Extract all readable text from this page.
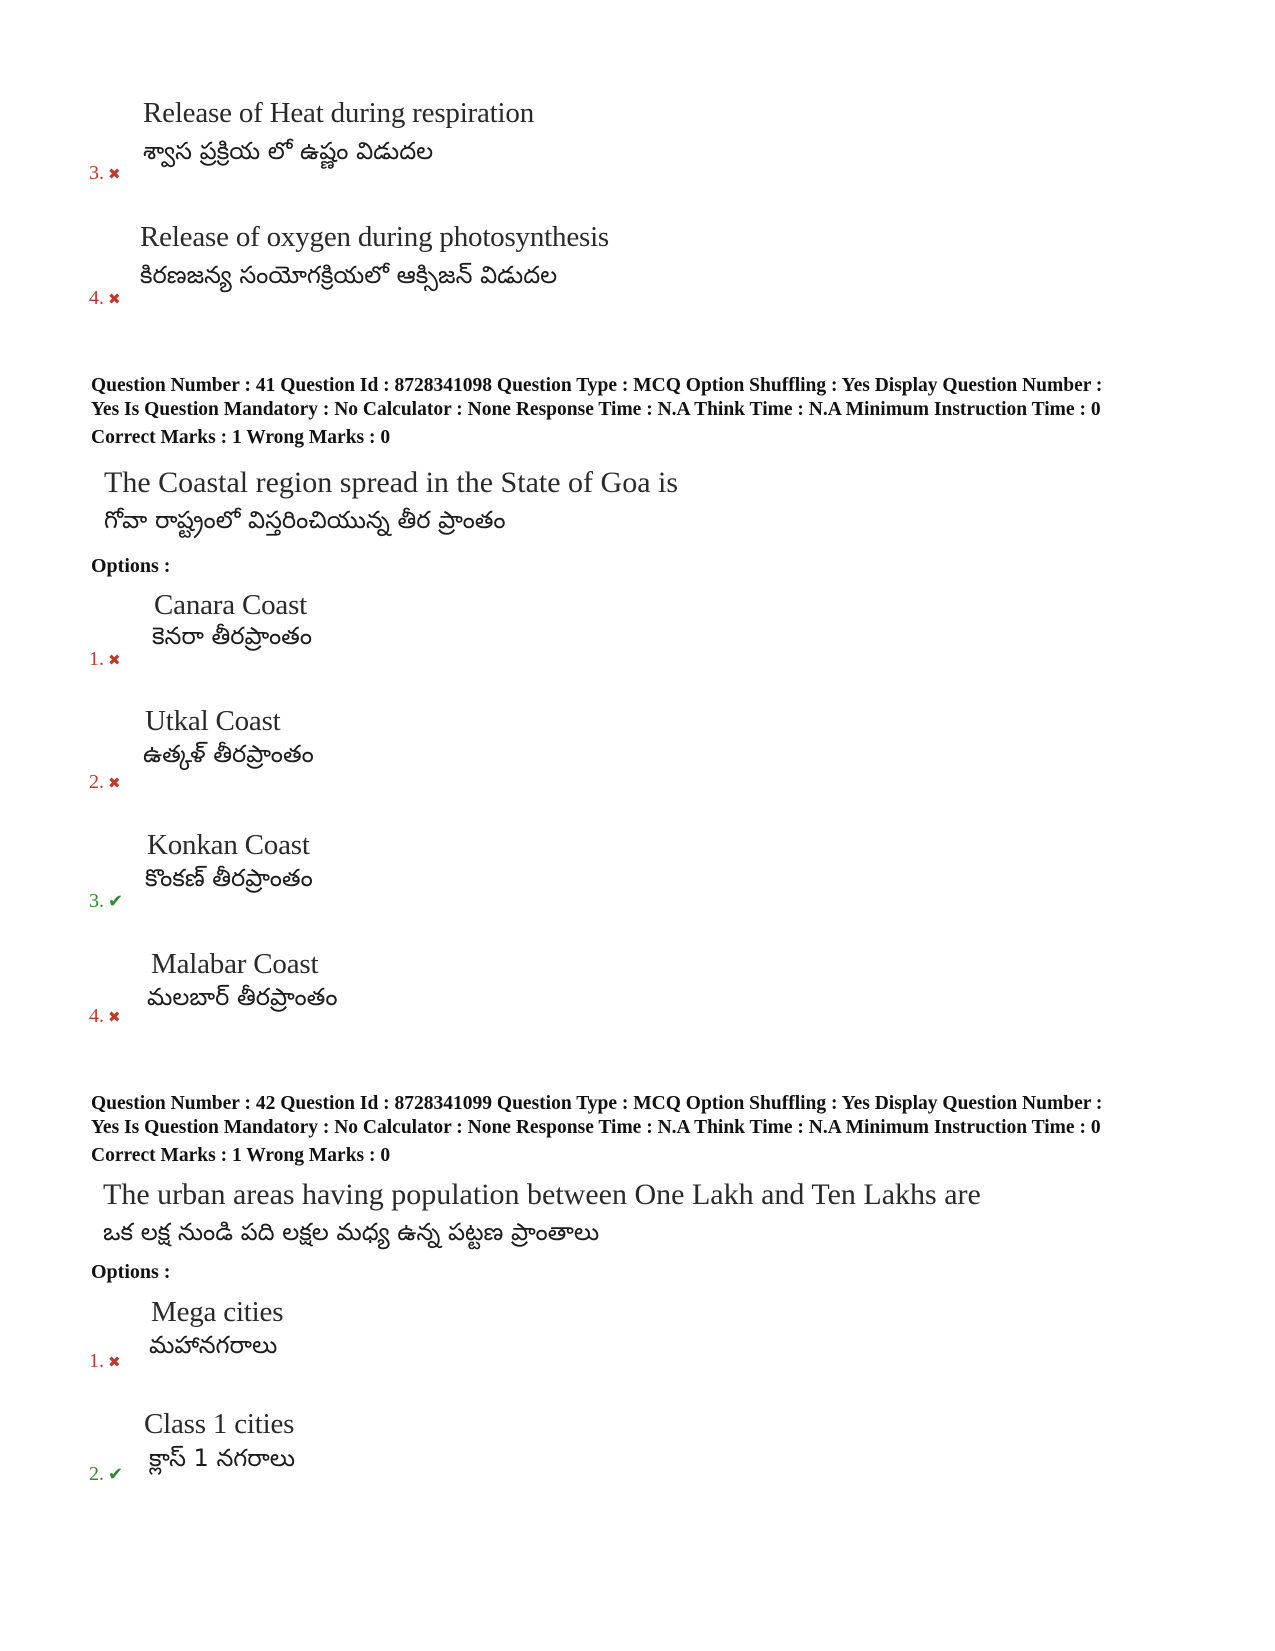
Release of Heat during respiration
శ్వాస ప్రక్రియ లో ఉష్ణం విడుదల
3. ✖
Release of oxygen during photosynthesis
కిరణజన్య సంయోగక్రియలో ఆక్సిజన్ విడుదల
4. ✖
Question Number : 41 Question Id : 8728341098 Question Type : MCQ Option Shuffling : Yes Display Question Number :
Yes Is Question Mandatory : No Calculator : None Response Time : N.A Think Time : N.A Minimum Instruction Time : 0
Correct Marks : 1 Wrong Marks : 0
The Coastal region spread in the State of Goa is
గోవా రాష్ట్రంలో విస్తరించియున్న తీర ప్రాంతం
Options :
Canara Coast
కెనరా తీరప్రాంతం
1. ✖
Utkal Coast
ఉత్కళ్ తీరప్రాంతం
2. ✖
Konkan Coast
కొంకణ్ తీరప్రాంతం
3. ✔
Malabar Coast
మలబార్ తీరప్రాంతం
4. ✖
Question Number : 42 Question Id : 8728341099 Question Type : MCQ Option Shuffling : Yes Display Question Number :
Yes Is Question Mandatory : No Calculator : None Response Time : N.A Think Time : N.A Minimum Instruction Time : 0
Correct Marks : 1 Wrong Marks : 0
The urban areas having population between One Lakh and Ten Lakhs are
ఒక లక్ష నుండి పది లక్షల మధ్య ఉన్న పట్టణ ప్రాంతాలు
Options :
Mega cities
మహానగరాలు
1. ✖
Class 1 cities
క్లాస్ 1 నగరాలు
2. ✔
